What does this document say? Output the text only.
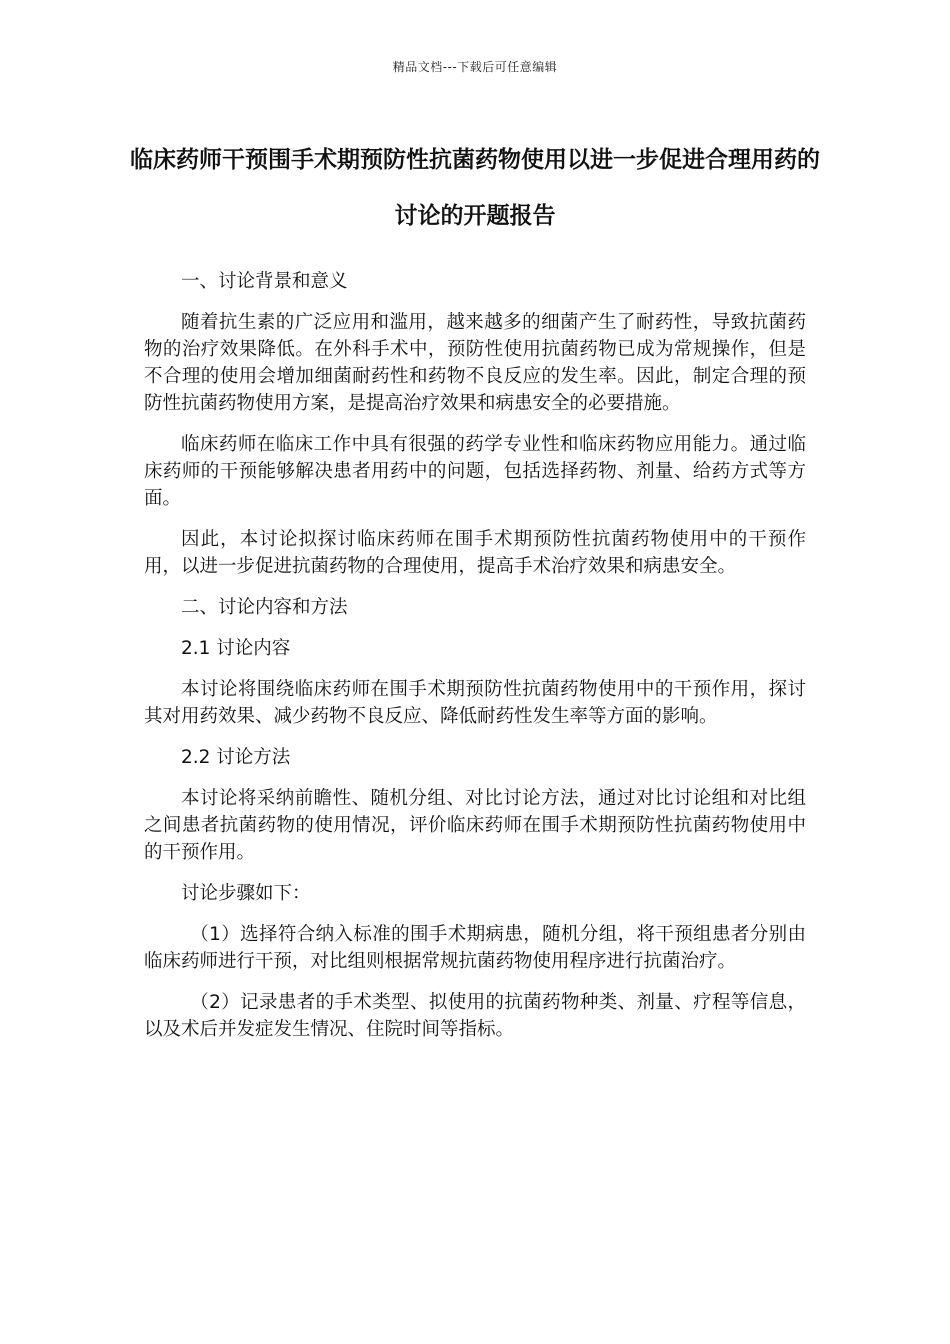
精品文档---下载后可任意编辑
临床药师干预围手术期预防性抗菌药物使用以进一步促进合理用药的讨论的开题报告

一、讨论背景和意义

随着抗生素的广泛应用和滥用，越来越多的细菌产生了耐药性，导致抗菌药物的治疗效果降低。在外科手术中，预防性使用抗菌药物已成为常规操作，但是不合理的使用会增加细菌耐药性和药物不良反应的发生率。因此，制定合理的预防性抗菌药物使用方案，是提高治疗效果和病患安全的必要措施。

临床药师在临床工作中具有很强的药学专业性和临床药物应用能力。通过临床药师的干预能够解决患者用药中的问题，包括选择药物、剂量、给药方式等方面。

因此，本讨论拟探讨临床药师在围手术期预防性抗菌药物使用中的干预作用，以进一步促进抗菌药物的合理使用，提高手术治疗效果和病患安全。

二、讨论内容和方法

2.1 讨论内容

本讨论将围绕临床药师在围手术期预防性抗菌药物使用中的干预作用，探讨其对用药效果、减少药物不良反应、降低耐药性发生率等方面的影响。

2.2 讨论方法

本讨论将采纳前瞻性、随机分组、对比讨论方法，通过对比讨论组和对比组之间患者抗菌药物的使用情况，评价临床药师在围手术期预防性抗菌药物使用中的干预作用。

讨论步骤如下：

（1）选择符合纳入标准的围手术期病患，随机分组，将干预组患者分别由临床药师进行干预，对比组则根据常规抗菌药物使用程序进行抗菌治疗。

（2）记录患者的手术类型、拟使用的抗菌药物种类、剂量、疗程等信息，以及术后并发症发生情况、住院时间等指标。
